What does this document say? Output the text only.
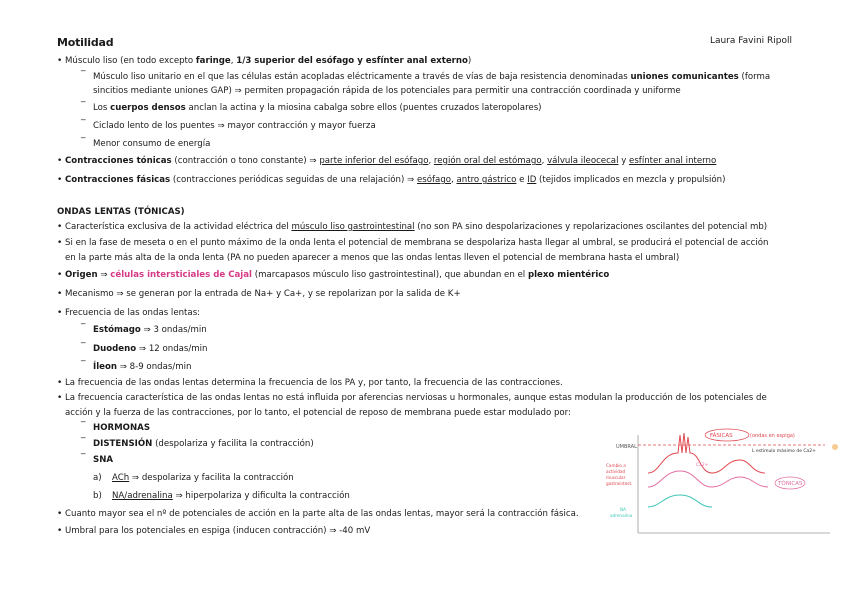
Motilidad	Laura Favini Ripoll
• Músculo liso (en todo excepto faringe, 1/3 superior del esófago y esfínter anal externo)
‾ Músculo liso unitario en el que las células están acopladas eléctricamente a través de vías de baja resistencia denominadas uniones comunicantes (forma
sincitios mediante uniones GAP) ⇒ permiten propagación rápida de los potenciales para permitir una contracción coordinada y uniforme
‾ Los cuerpos densos anclan la actina y la miosina cabalga sobre ellos (puentes cruzados lateropolares)
‾ Ciclado lento de los puentes ⇒ mayor contracción y mayor fuerza
‾ Menor consumo de energía
• Contracciones tónicas (contracción o tono constante) ⇒ parte inferior del esófago, región oral del estómago, válvula ileocecal y esfínter anal interno
• Contracciones fásicas (contracciones periódicas seguidas de una relajación) ⇒ esófago, antro gástrico e ID (tejidos implicados en mezcla y propulsión)
ONDAS LENTAS (TÓNICAS)
• Característica exclusiva de la actividad eléctrica del músculo liso gastrointestinal (no son PA sino despolarizaciones y repolarizaciones oscilantes del potencial mb)
• Si en la fase de meseta o en el punto máximo de la onda lenta el potencial de membrana se despolariza hasta llegar al umbral, se producirá el potencial de acción
en la parte más alta de la onda lenta (PA no pueden aparecer a menos que las ondas lentas lleven el potencial de membrana hasta el umbral)
• Origen ⇒ células intersticiales de Cajal (marcapasos músculo liso gastrointestinal), que abundan en el plexo mientérico
• Mecanismo ⇒ se generan por la entrada de Na+ y Ca+, y se repolarizan por la salida de K+
• Frecuencia de las ondas lentas:
‾ Estómago ⇒ 3 ondas/min
‾ Duodeno ⇒ 12 ondas/min
‾ Íleon ⇒ 8-9 ondas/min
• La frecuencia de las ondas lentas determina la frecuencia de los PA y, por tanto, la frecuencia de las contracciones.
• La frecuencia característica de las ondas lentas no está influida por aferencias nerviosas u hormonales, aunque estas modulan la producción de los potenciales de
acción y la fuerza de las contracciones, por lo tanto, el potencial de reposo de membrana puede estar modulado por:
‾ HORMONAS
‾ DISTENSIÓN (despolariza y facilita la contracción)
‾ SNA
a) ACh ⇒ despolariza y facilita la contracción
b) NA/adrenalina ⇒ hiperpolariza y dificulta la contracción
• Cuanto mayor sea el nº de potenciales de acción en la parte alta de las ondas lentas, mayor será la contracción fásica.
• Umbral para los potenciales en espiga (inducen contracción) ⇒ -40 mV
UMBRAL
FÁSICAS	(ondas en espiga)
L estimulo máximo de Ca2+
TÓNICAS
Ca2+
Cambio a
actividad
muscular
gastrointest.
NA
adrenalina
